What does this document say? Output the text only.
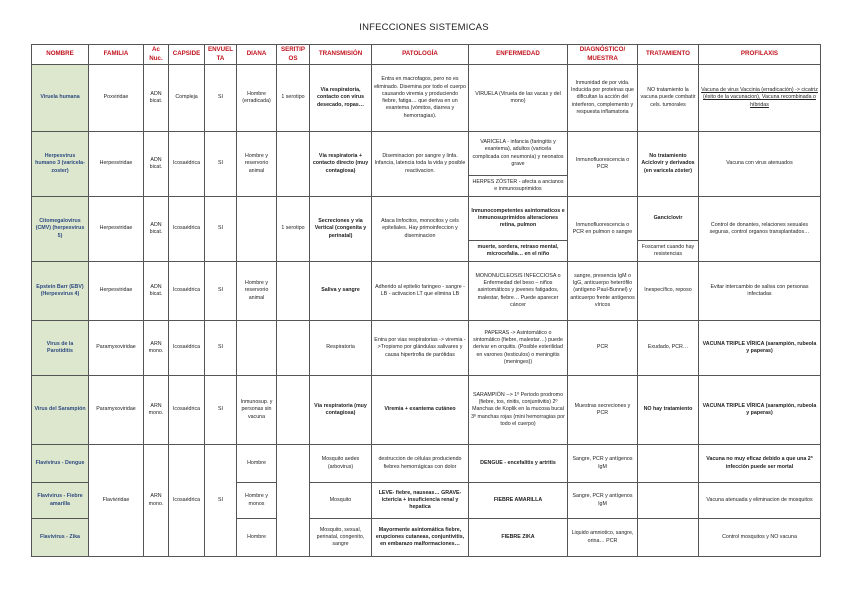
INFECCIONES SISTEMICAS
NOMBRE	FAMILIA	Ac Nuc.	CAPSIDE	ENVUELTA	DIANA	SERITIPOS	TRANSMISIÓN	PATOLOGÍA	ENFERMEDAD	DIAGNÓSTICO/ MUESTRA	TRATAMIENTO	PROFILAXIS
Viruela humana	Poxviridae	ADN bicat.	Compleja	SI	Hombre (erradicada)	1 serotipo	Vía respiratoria, contacto con virus desecado, ropas…	Entra en macrofagos, pero no es eliminado. Disemina por todo el cuerpo causando viremia y produciendo fiebre, fatiga… que deriva en un exantema (vómitos, diarrea y hemorragias).	VIRUELA (Viruela de las vacas y del mono)	Inmunidad de por vida. Inducida por proteínas que dificultan la acción del interferon, complemento y respuesta inflamatoria	NO tratamiento la vacuna puede combatir cels. tumorales	Vacuna de virus Vaccinia (erradicación) -> cicatriz (éxito de la vacunacion), Vacuna recombinada o híbridas
Herpesvirus humano 3 (varicela-zoster)	Herpesviridae	ADN bicat.	Icosaédrica	SI	Hombre y reservorio animal		Vía respiratoria + contacto directo (muy contagiosa)	Diseminacion por sangre y linfa. Infancia, latencia toda la vida y posible reactivacion.	VARICELA - infancia (faringitis y exantema), adultos (varicela complicada con neumonía) y neonatos grave	Inmunofluorescencia o PCR	No tratamiento Aciclovir y derivados (en varicela zóster)	Vacuna con virus atenuados
									HERPES ZÓSTER - afecta a ancianos e inmunosuprimidos			
Citomegalovirus (CMV) (herpesvirus 5)	Herpesviridae	ADN bicat.	Icosaédrica	SI		1 serotipo	Secreciones y via Vertical (congenita y perinatal)	Ataca linfocitos, monocitos y cels epiteliales. Hay primoinfeccion y diseminacion	Inmunocompetentes asintomaticos e inmunosuprimidos alteraciones retina, pulmon	Inmunofluorescencia o PCR en pulmon o sangre	Ganciclovir	Control de donantes, relaciones sexuales seguras, control organos transplantados…
									muerte, sordera, retraso mental, microcefalia… en el niño		Foscarnet cuando hay resistencias	
Epstein Barr (EBV) (Herpesvirus 4)	Herpesviridae	ADN bicat.	Icosaédrica	SI	Hombre y reservorio animal		Saliva y sangre	Adherido al epitelio faringeo - sangre - LB - activacion LT que elimina LB	MONONUCLEOSIS INFECCIOSA o Enfermedad del beso – niños asintomáticos y jovenes fatigados, malestar, fiebre… Puede aparecer cáncer	sangre, presencia IgM o IgG, anticuerpo heterófilo (antígeno Paul-Bunnel) y anticuerpo frente antígenos víricos	Inespecífico, reposo	Evitar intercambio de saliva con personas infectadas
Virus de la Parotiditis	Paramyxoviridae	ARN mono.	Icosaédrica	SI			Respiratoria	Entra por vias respiratorias -> viremia ->Tropismo por glándulas salivares y causa hipertrofia de parótidas	PAPERAS -> Asintomático o sintomático (fiebre, malestar…) puede derivar en orquitis. (Posible esterilidad en varones (testiculos) o meningitis (meninges))	PCR	Exudado, PCR…	VACUNA TRIPLE VÍRICA (sarampión, rubeola y paperas)
Virus del Sarampión	Paramyxoviridae	ARN mono.	Icosaédrica	SI	Inmunosup. y personas sin vacuna		Vía respiratoria (muy contagiosa)	Viremia + exantema cutáneo	SARAMPIÓN --> 1º Periodo prodromo (fiebre, tos, rinitis, conjuntivitis) 2º Manchas de Koplik en la mucosa bucal 3º manchas rojas (mini hemorragias por todo el cuerpo)	Muestras secreciones y PCR	NO hay tratamiento	VACUNA TRIPLE VÍRICA (sarampión, rubeola y paperas)
Flavivirus - Dengue	Flaviviridae	ARN mono.	Icosaédrica	SI	Hombre		Mosquito aedes (arbovirus)	destruccion de células produciendo fiebres hemorrágicas con dolor	DENGUE - encefalitis y artritis	Sangre, PCR y antígenos IgM		Vacuna no muy eficaz debido a que una 2ª infección puede ser mortal
Flavivirus - Fiebre amarilla					Hombre y monos		Mosquito	LEVE- fiebre, nauseas… GRAVE- ictericia + insuficiencia renal y hepatica	FIEBRE AMARILLA	Sangre, PCR y antígenos IgM		Vacuna atenuada y eliminacion de mosquitos
Flavivirus - Zika					Hombre		Mosquito, sexual, perinatal, congenito, sangre	Mayormente asintomática fiebre, erupciones cutaneas, conjuntivitis, en embarazo malformaciones…	FIEBRE ZIKA	Liquido amniotico, sangre, orina… PCR		Control mosquitos y NO vacuna
